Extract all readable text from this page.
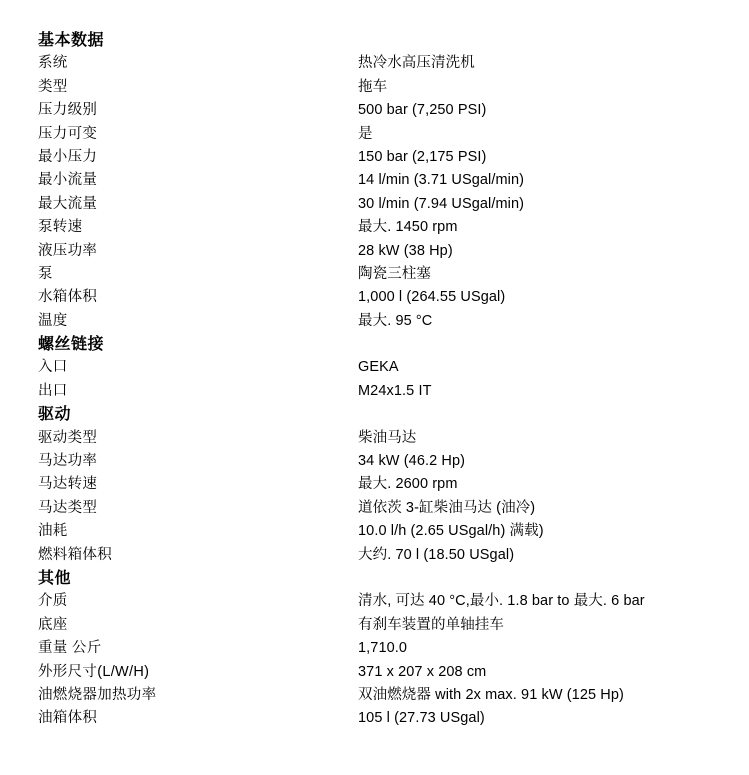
基本数据
系统	热冷水高压清洗机
类型	拖车
压力级别	500 bar (7,250 PSI)
压力可变	是
最小压力	150 bar (2,175 PSI)
最小流量	14 l/min (3.71 USgal/min)
最大流量	30 l/min (7.94 USgal/min)
泵转速	最大. 1450 rpm
液压功率	28 kW (38 Hp)
泵	陶瓷三柱塞
水箱体积	1,000 l (264.55 USgal)
温度	最大. 95 °C
螺丝链接
入口	GEKA
出口	M24x1.5 IT
驱动
驱动类型	柴油马达
马达功率	34 kW (46.2 Hp)
马达转速	最大. 2600 rpm
马达类型	道依茨 3-缸柴油马达 (油冷)
油耗	10.0 l/h (2.65 USgal/h) 满载)
燃料箱体积	大约. 70 l (18.50 USgal)
其他
介质	清水, 可达 40 °C,最小. 1.8 bar to 最大. 6 bar
底座	有刹车装置的单轴挂车
重量 公斤	1,710.0
外形尺寸(L/W/H)	371 x 207 x 208 cm
油燃烧器加热功率	双油燃烧器 with 2x max. 91 kW (125 Hp)
油箱体积	105 l (27.73 USgal)
